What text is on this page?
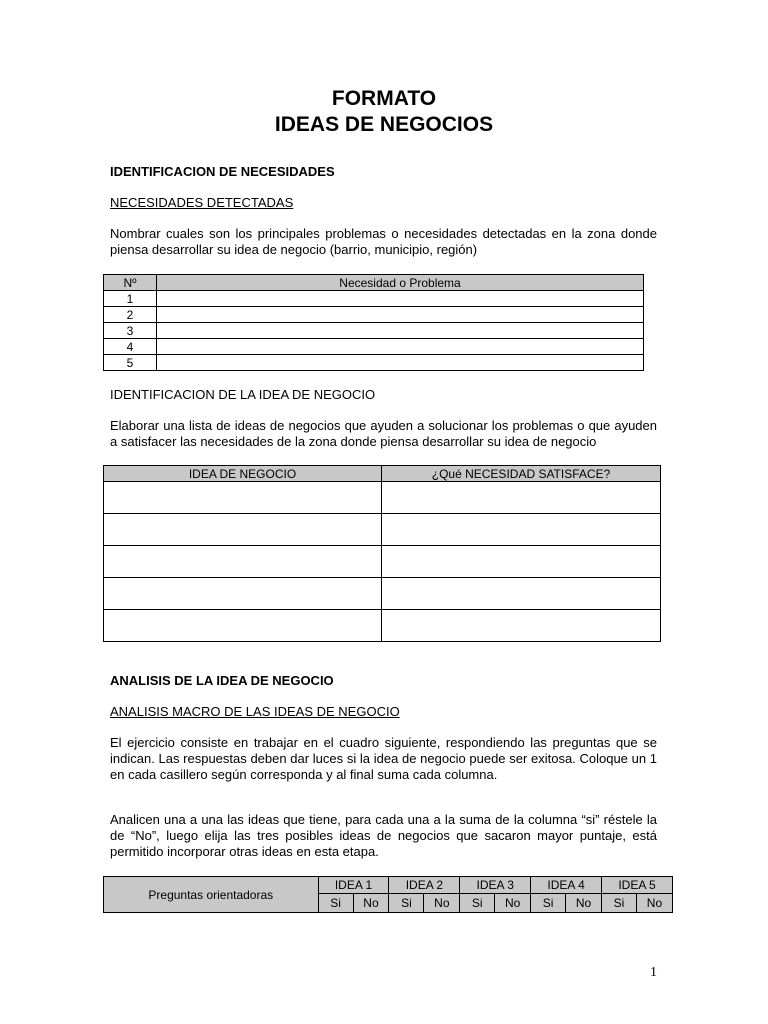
FORMATO
IDEAS DE NEGOCIOS
IDENTIFICACION DE NECESIDADES
NECESIDADES DETECTADAS
Nombrar cuales son los principales problemas o necesidades detectadas en la zona donde piensa desarrollar su idea de negocio (barrio, municipio, región)
Nº	Necesidad o Problema
1	
2	
3	
4	
5	
IDENTIFICACION DE LA IDEA DE NEGOCIO
Elaborar una lista de ideas de negocios que ayuden a solucionar los problemas o que ayuden a satisfacer las necesidades de la zona donde piensa desarrollar su idea de negocio
IDEA DE NEGOCIO	¿Qué NECESIDAD SATISFACE?

ANALISIS DE LA IDEA DE NEGOCIO
ANALISIS MACRO DE LAS IDEAS DE NEGOCIO
El ejercicio consiste en trabajar en el cuadro siguiente, respondiendo las preguntas que se indican. Las respuestas deben dar luces si la idea de negocio puede ser exitosa. Coloque un 1 en cada casillero según corresponda y al final suma cada columna.
Analicen una a una las ideas que tiene, para cada una a la suma de la columna “si” réstele la de “No”, luego elija las tres posibles ideas de negocios que sacaron mayor puntaje, está permitido incorporar otras ideas en esta etapa.
Preguntas orientadoras	IDEA 1		IDEA 2		IDEA 3		IDEA 4		IDEA 5	
	Si	No	Si	No	Si	No	Si	No	Si	No
1
